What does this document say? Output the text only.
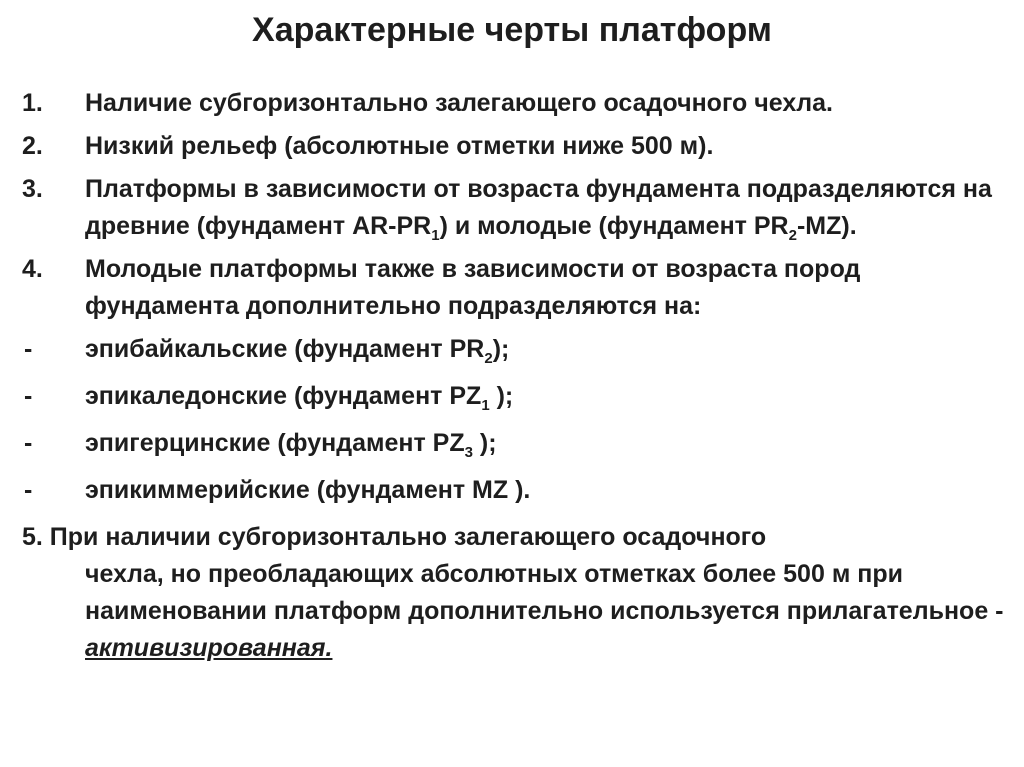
Характерные черты платформ
1.	Наличие субгоризонтально залегающего осадочного чехла.
2.	Низкий рельеф (абсолютные отметки ниже 500 м).
3.	Платформы в зависимости от возраста фундамента подразделяются на древние (фундамент $AR-PR_1$) и молодые (фундамент $PR_2-MZ$).
4.	Молодые платформы также в зависимости от возраста пород фундамента дополнительно подразделяются на:
-	эпибайкальские (фундамент $PR_2$);
-	эпикаледонские (фундамент $PZ_1$ );
-	эпигерцинские (фундамент $PZ_3$ );
-	эпикиммерийские (фундамент MZ ).
5. При наличии субгоризонтально залегающего осадочного
чехла, но преобладающих абсолютных отметках более 500 м при наименовании платформ дополнительно используется прилагательное - активизированная.
